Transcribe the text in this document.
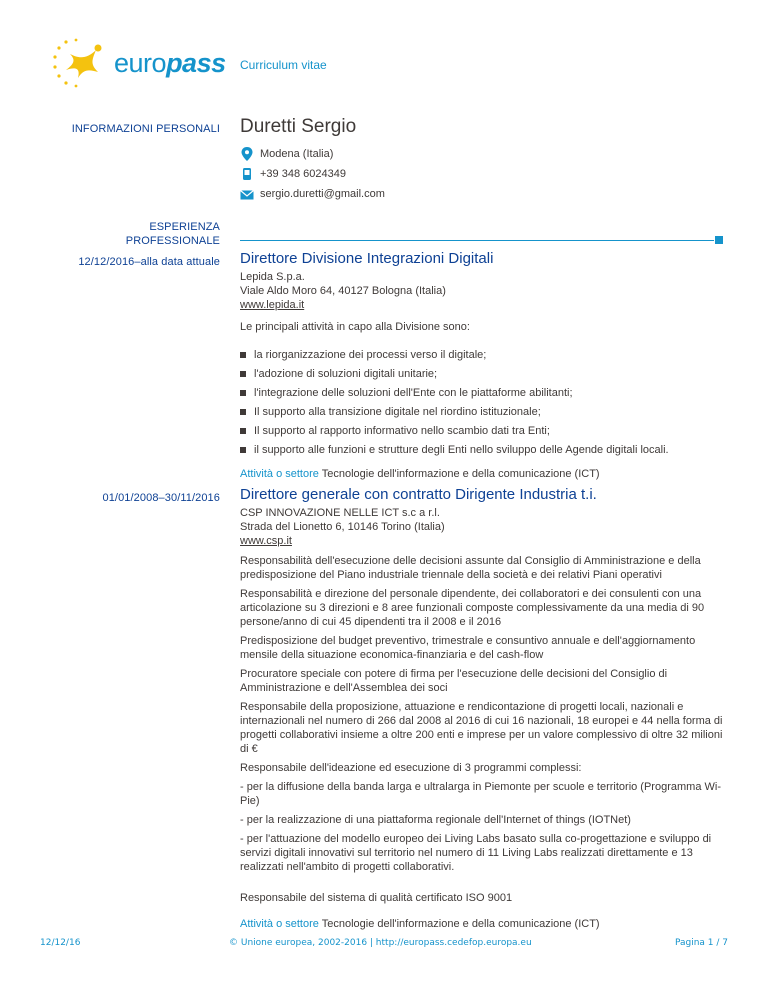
europass Curriculum vitae
INFORMAZIONI PERSONALI Duretti Sergio
Modena (Italia)
+39 348 6024349
sergio.duretti@gmail.com
ESPERIENZA
PROFESSIONALE
12/12/2016–alla data attuale Direttore Divisione Integrazioni Digitali

Lepida S.p.a.

Viale Aldo Moro 64, 40127 Bologna (Italia)

www.lepida.it

Le principali attività in capo alla Divisione sono:

la riorganizzazione dei processi verso il digitale;
l'adozione di soluzioni digitali unitarie;
l'integrazione delle soluzioni dell'Ente con le piattaforme abilitanti;
Il supporto alla transizione digitale nel riordino istituzionale;
Il supporto al rapporto informativo nello scambio dati tra Enti;
il supporto alle funzioni e strutture degli Enti nello sviluppo delle Agende digitali locali.

Attività o settore Tecnologie dell'informazione e della comunicazione (ICT)

01/01/2008–30/11/2016 Direttore generale con contratto Dirigente Industria t.i.

CSP INNOVAZIONE NELLE ICT s.c a r.l.

Strada del Lionetto 6, 10146 Torino (Italia)

www.csp.it

Responsabilità dell'esecuzione delle decisioni assunte dal Consiglio di Amministrazione e della predisposizione del Piano industriale triennale della società e dei relativi Piani operativi

Responsabilità e direzione del personale dipendente, dei collaboratori e dei consulenti con una articolazione su 3 direzioni e 8 aree funzionali composte complessivamente da una media di 90 persone/anno di cui 45 dipendenti tra il 2008 e il 2016

Predisposizione del budget preventivo, trimestrale e consuntivo annuale e dell'aggiornamento mensile della situazione economica-finanziaria e del cash-flow

Procuratore speciale con potere di firma per l'esecuzione delle decisioni del Consiglio di Amministrazione e dell'Assemblea dei soci

Responsabile della proposizione, attuazione e rendicontazione di progetti locali, nazionali e internazionali nel numero di 266 dal 2008 al 2016 di cui 16 nazionali, 18 europei e 44 nella forma di progetti collaborativi insieme a oltre 200 enti e imprese per un valore complessivo di oltre 32 milioni di €

Responsabile dell'ideazione ed esecuzione di 3 programmi complessi:

- per la diffusione della banda larga e ultralarga in Piemonte per scuole e territorio (Programma Wi-Pie)

- per la realizzazione di una piattaforma regionale dell'Internet of things (IOTNet)

- per l'attuazione del modello europeo dei Living Labs basato sulla co-progettazione e sviluppo di servizi digitali innovativi sul territorio nel numero di 11 Living Labs realizzati direttamente e 13 realizzati nell'ambito di progetti collaborativi.

Responsabile del sistema di qualità certificato ISO 9001

Attività o settore Tecnologie dell'informazione e della comunicazione (ICT)

12/12/16	© Unione europea, 2002-2016 | http://europass.cedefop.europa.eu	Pagina 1 / 7
